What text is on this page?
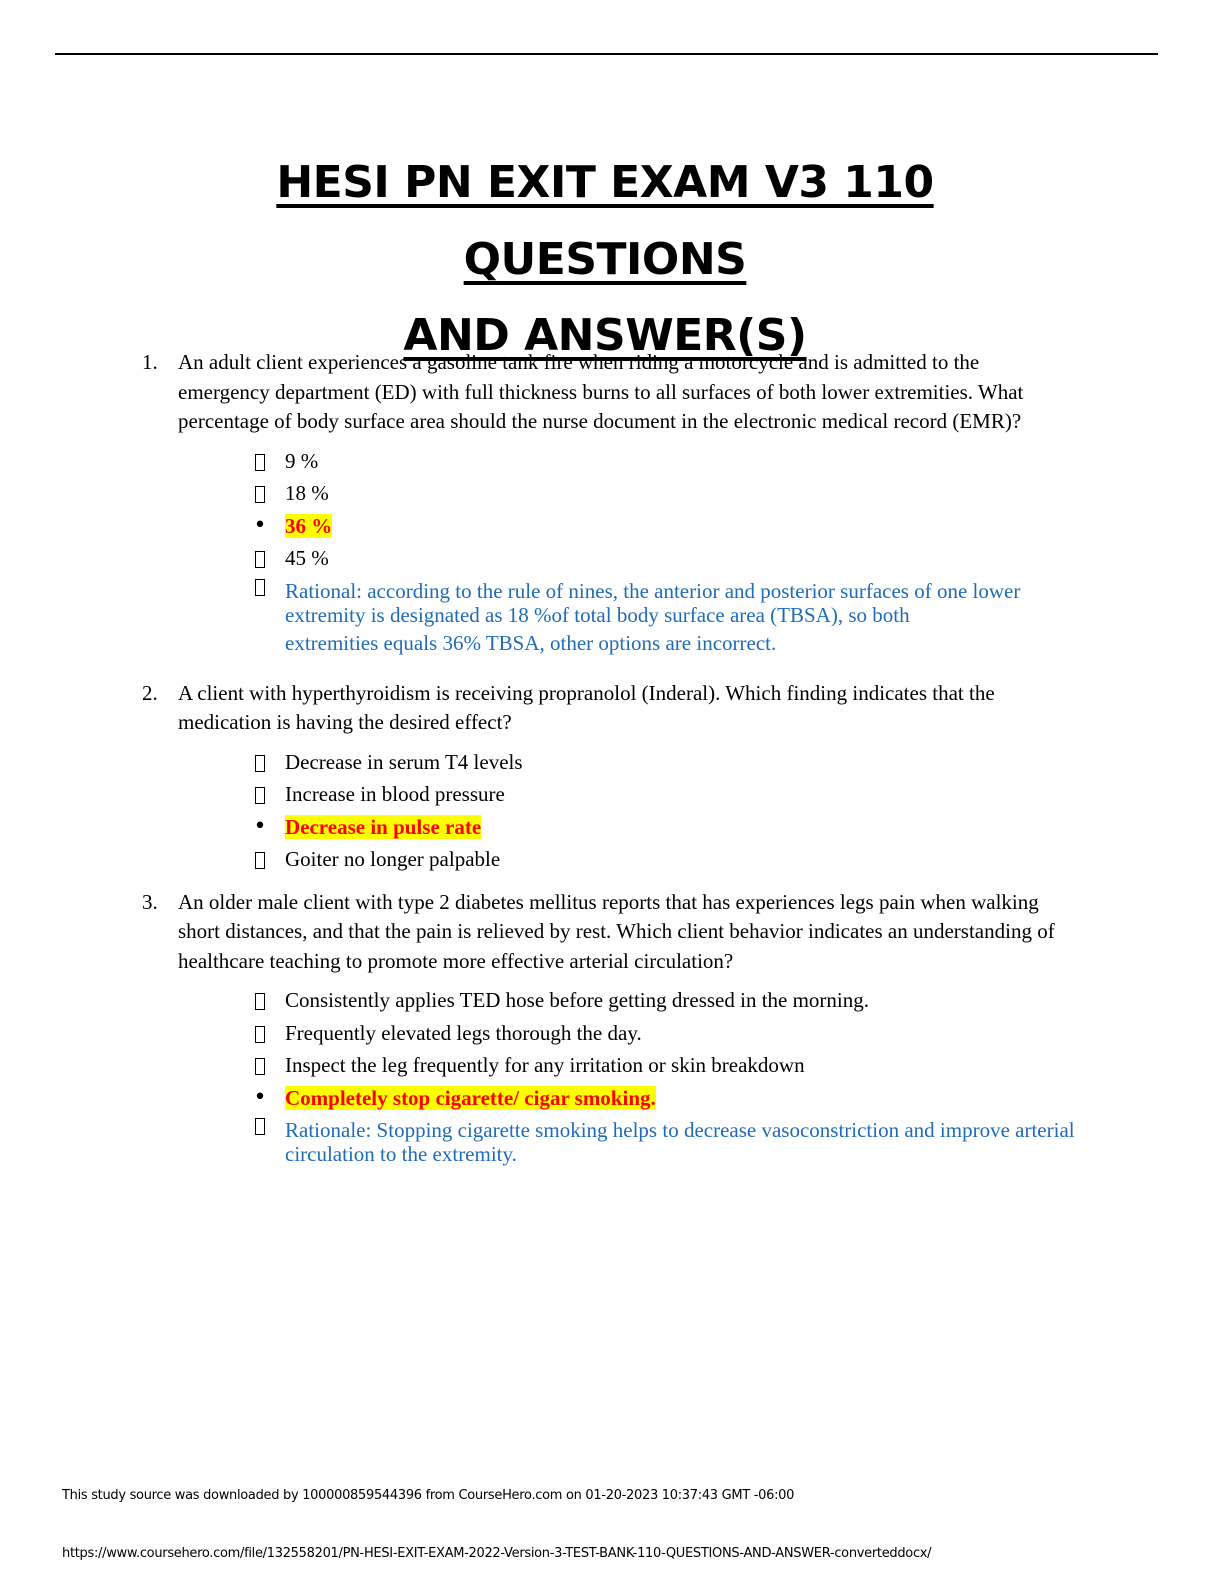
HESI PN EXIT EXAM V3 110 QUESTIONS
AND ANSWER(S)
1. An adult client experiences a gasoline tank fire when riding a motorcycle and is admitted to the emergency department (ED) with full thickness burns to all surfaces of both lower extremities. What percentage of body surface area should the nurse document in the electronic medical record (EMR)?
9 %
18 %
• 36 %
45 %
Rational: according to the rule of nines, the anterior and posterior surfaces of one lower extremity is designated as 18 %of total body surface area (TBSA), so both
extremities equals 36% TBSA, other options are incorrect.
2. A client with hyperthyroidism is receiving propranolol (Inderal). Which finding indicates that the medication is having the desired effect?
Decrease in serum T4 levels
Increase in blood pressure
• Decrease in pulse rate
Goiter no longer palpable
3. An older male client with type 2 diabetes mellitus reports that has experiences legs pain when walking short distances, and that the pain is relieved by rest. Which client behavior indicates an understanding of healthcare teaching to promote more effective arterial circulation?
Consistently applies TED hose before getting dressed in the morning.
Frequently elevated legs thorough the day.
Inspect the leg frequently for any irritation or skin breakdown
• Completely stop cigarette/ cigar smoking.
Rationale: Stopping cigarette smoking helps to decrease vasoconstriction and improve arterial circulation to the extremity.
This study source was downloaded by 100000859544396 from CourseHero.com on 01-20-2023 10:37:43 GMT -06:00
https://www.coursehero.com/file/132558201/PN-HESI-EXIT-EXAM-2022-Version-3-TEST-BANK-110-QUESTIONS-AND-ANSWER-converteddocx/
